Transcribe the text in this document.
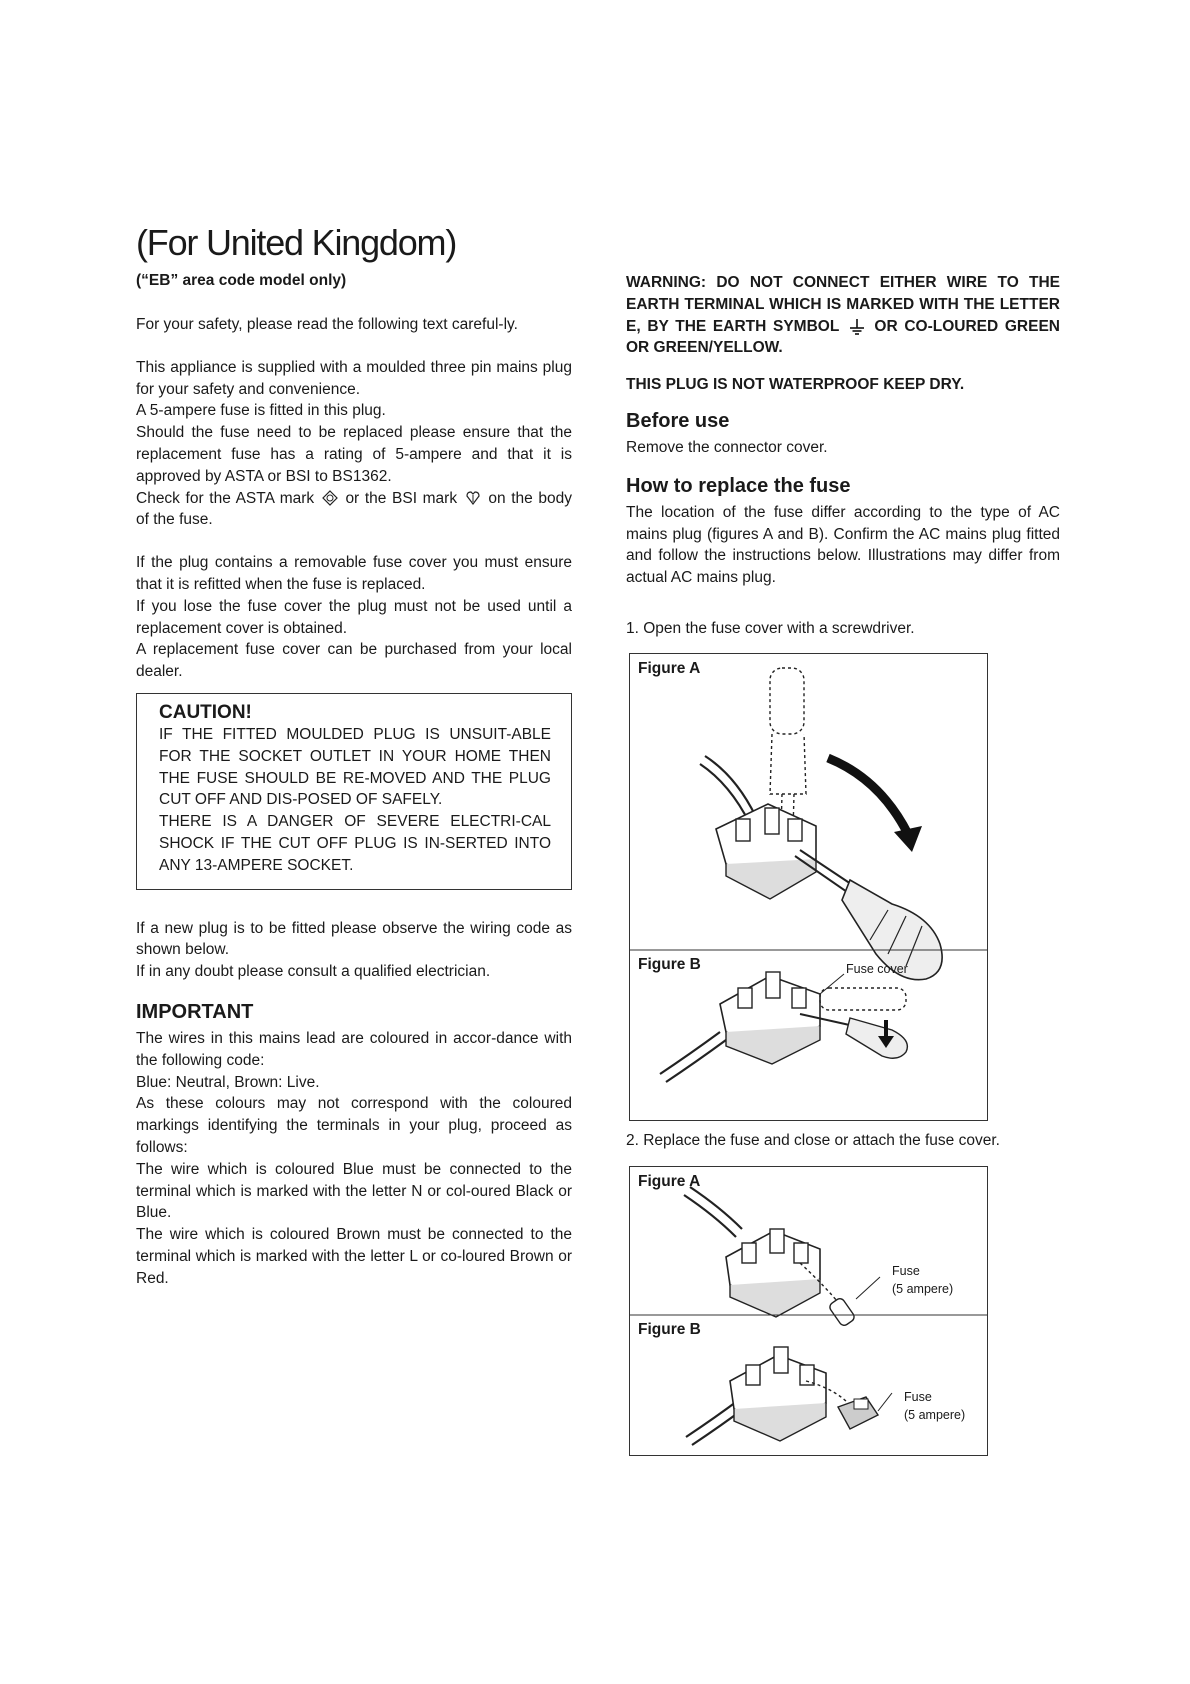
(For United Kingdom)
(“EB” area code model only)

For your safety, please read the following text careful-ly.

This appliance is supplied with a moulded three pin mains plug for your safety and convenience.

A 5-ampere fuse is fitted in this plug.

Should the fuse need to be replaced please ensure that the replacement fuse has a rating of 5-ampere and that it is approved by ASTA or BSI to BS1362.

Check for the ASTA mark or the BSI mark on the body of the fuse.

If the plug contains a removable fuse cover you must ensure that it is refitted when the fuse is replaced.

If you lose the fuse cover the plug must not be used until a replacement cover is obtained.

A replacement fuse cover can be purchased from your local dealer.

CAUTION!

IF THE FITTED MOULDED PLUG IS UNSUIT-ABLE FOR THE SOCKET OUTLET IN YOUR HOME THEN THE FUSE SHOULD BE RE-MOVED AND THE PLUG CUT OFF AND DIS-POSED OF SAFELY.

THERE IS A DANGER OF SEVERE ELECTRI-CAL SHOCK IF THE CUT OFF PLUG IS IN-SERTED INTO ANY 13-AMPERE SOCKET.

If a new plug is to be fitted please observe the wiring code as shown below.

If in any doubt please consult a qualified electrician.

IMPORTANT

The wires in this mains lead are coloured in accor-dance with the following code:

Blue: Neutral, Brown: Live.

As these colours may not correspond with the coloured markings identifying the terminals in your plug, proceed as follows:

The wire which is coloured Blue must be connected to the terminal which is marked with the letter N or col-oured Black or Blue.

The wire which is coloured Brown must be connected to the terminal which is marked with the letter L or co-loured Brown or Red.

WARNING: DO NOT CONNECT EITHER WIRE TO THE EARTH TERMINAL WHICH IS MARKED WITH THE LETTER E, BY THE EARTH SYMBOL OR CO-LOURED GREEN OR GREEN/YELLOW.

THIS PLUG IS NOT WATERPROOF KEEP DRY.

Before use

Remove the connector cover.

How to replace the fuse

The location of the fuse differ according to the type of AC mains plug (figures A and B). Confirm the AC mains plug fitted and follow the instructions below. Illustrations may differ from actual AC mains plug.

1. Open the fuse cover with a screwdriver.
Figure A
Figure B	Fuse cover
2. Replace the fuse and close or attach the fuse cover.
Figure A
Fuse
(5 ampere)
Figure B
Fuse
(5 ampere)
